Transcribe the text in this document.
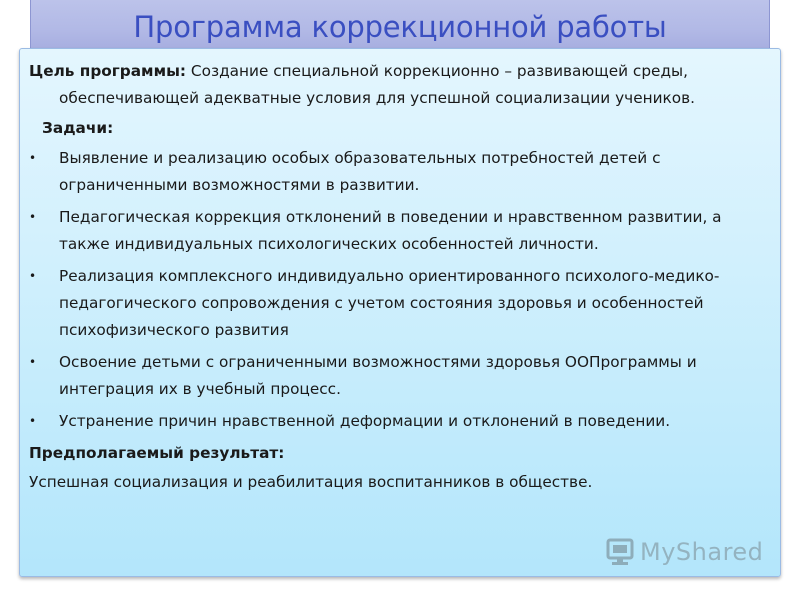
Программа коррекционной работы

Цель программы: Создание специальной коррекционно – развивающей среды, обеспечивающей адекватные условия для успешной социализации учеников.

Задачи:
• Выявление и реализацию особых образовательных потребностей детей с ограниченными возможностями в развитии.
• Педагогическая коррекция отклонений в поведении и нравственном развитии, а также индивидуальных психологических особенностей личности.
• Реализация комплексного индивидуально ориентированного психолого-медико-педагогического сопровождения с учетом состояния здоровья и особенностей психофизического развития
• Освоение детьми с ограниченными возможностями здоровья ООПрограммы и интеграция их в учебный процесс.
• Устранение причин нравственной деформации и отклонений в поведении.
Предполагаемый результат:

Успешная социализация и реабилитация воспитанников в обществе.

MyShared
